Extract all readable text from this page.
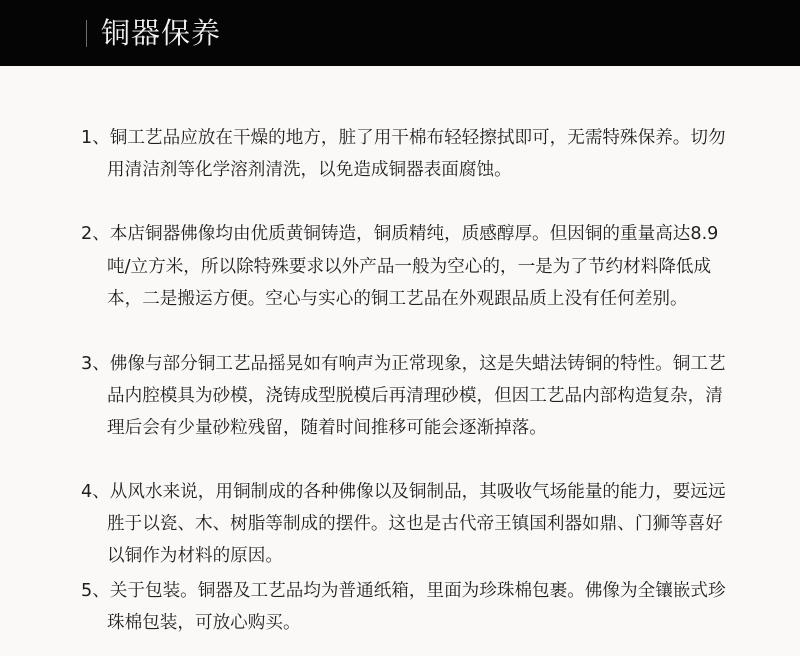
铜器保养
1、铜工艺品应放在干燥的地方，脏了用干棉布轻轻擦拭即可，无需特殊保养。切勿
用清洁剂等化学溶剂清洗，以免造成铜器表面腐蚀。
2、本店铜器佛像均由优质黄铜铸造，铜质精纯，质感醇厚。但因铜的重量高达8.9
吨/立方米，所以除特殊要求以外产品一般为空心的，一是为了节约材料降低成
本，二是搬运方便。空心与实心的铜工艺品在外观跟品质上没有任何差别。
3、佛像与部分铜工艺品摇晃如有响声为正常现象，这是失蜡法铸铜的特性。铜工艺
品内腔模具为砂模，浇铸成型脱模后再清理砂模，但因工艺品内部构造复杂，清
理后会有少量砂粒残留，随着时间推移可能会逐渐掉落。
4、从风水来说，用铜制成的各种佛像以及铜制品，其吸收气场能量的能力，要远远
胜于以瓷、木、树脂等制成的摆件。这也是古代帝王镇国利器如鼎、门狮等喜好
以铜作为材料的原因。
5、关于包装。铜器及工艺品均为普通纸箱，里面为珍珠棉包裹。佛像为全镶嵌式珍
珠棉包装，可放心购买。
